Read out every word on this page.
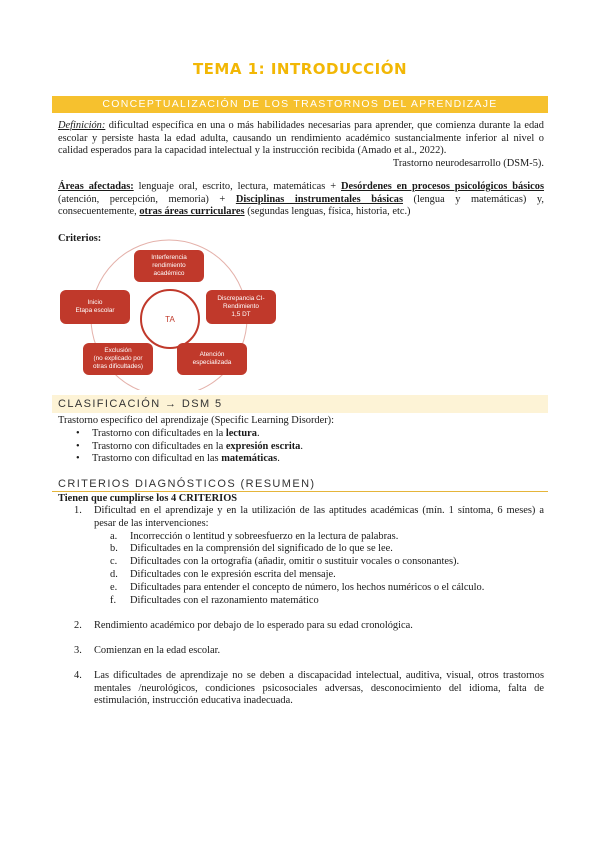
TEMA 1: INTRODUCCIÓN
CONCEPTUALIZACIÓN DE LOS TRASTORNOS DEL APRENDIZAJE
Definición: dificultad específica en una o más habilidades necesarias para aprender, que comienza durante la edad escolar y persiste hasta la edad adulta, causando un rendimiento académico sustancialmente inferior al nivel o calidad esperados para la capacidad intelectual y la instrucción recibida (Amado et al., 2022).
Trastorno neurodesarrollo (DSM-5).
Áreas afectadas: lenguaje oral, escrito, lectura, matemáticas + Desórdenes en procesos psicológicos básicos (atención, percepción, memoria) + Disciplinas instrumentales básicas (lengua y matemáticas) y, consecuentemente, otras áreas curriculares (segundas lenguas, física, historia, etc.)
Criterios:
TA
Interferencia
rendimiento
académico
Discrepancia CI-
Rendimiento
1,5 DT
Atención
especializada
Exclusión
(no explicado por
otras dificultades)
Inicio
Etapa escolar
CLASIFICACIÓN → DSM 5
Trastorno específico del aprendizaje (Specific Learning Disorder):
• Trastorno con dificultades en la lectura.
• Trastorno con dificultades en la expresión escrita.
• Trastorno con dificultad en las matemáticas.
CRITERIOS DIAGNÓSTICOS (RESUMEN)
Tienen que cumplirse los 4 CRITERIOS
1. Dificultad en el aprendizaje y en la utilización de las aptitudes académicas (mín. 1 síntoma, 6 meses) a pesar de las intervenciones:
a. Incorrección o lentitud y sobreesfuerzo en la lectura de palabras.
b. Dificultades en la comprensión del significado de lo que se lee.
c. Dificultades con la ortografía (añadir, omitir o sustituir vocales o consonantes).
d. Dificultades con le expresión escrita del mensaje.
e. Dificultades para entender el concepto de número, los hechos numéricos o el cálculo.
f. Dificultades con el razonamiento matemático
2. Rendimiento académico por debajo de lo esperado para su edad cronológica.
3. Comienzan en la edad escolar.
4. Las dificultades de aprendizaje no se deben a discapacidad intelectual, auditiva, visual, otros trastornos mentales /neurológicos, condiciones psicosociales adversas, desconocimiento del idioma, falta de estimulación, instrucción educativa inadecuada.
